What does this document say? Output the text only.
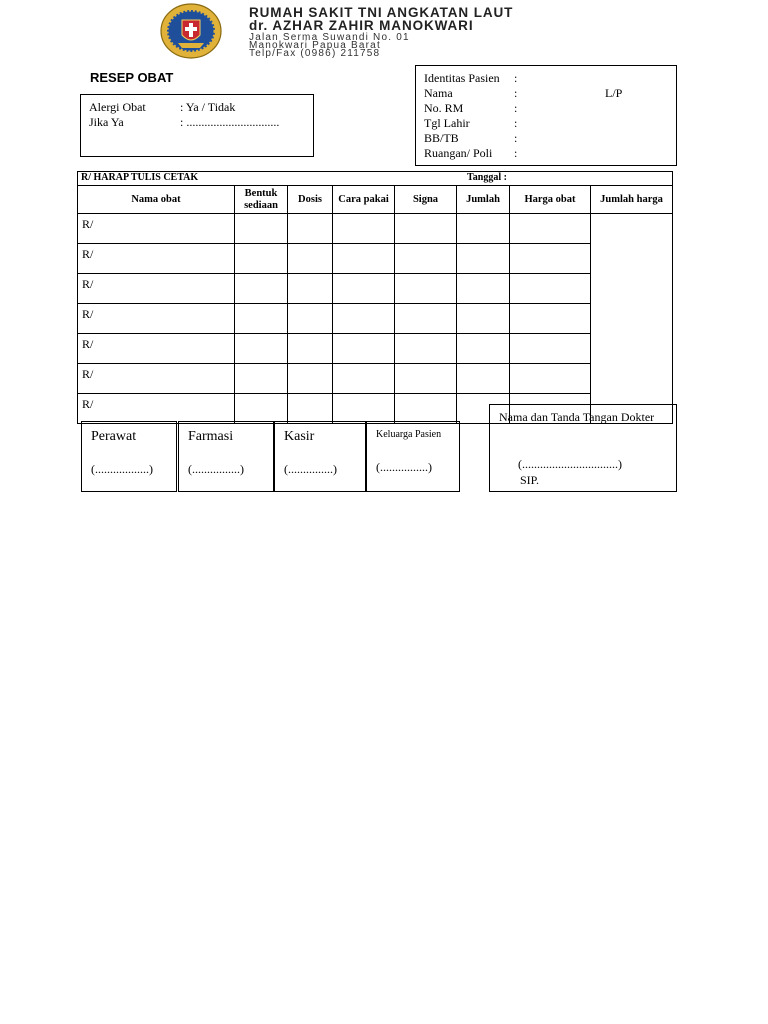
RUMAH SAKIT TNI ANGKATAN LAUT
dr. AZHAR ZAHIR MANOKWARI
Jalan Serma Suwandi No. 01
Manokwari Papua Barat
Telp/Fax (0986) 211758
RESEP OBAT
Alergi Obat	: Ya / Tidak
Jika Ya	: ...............................
Identitas Pasien :
Nama	:	L/P
No. RM	:
Tgl Lahir	:
BB/TB	:
Ruangan/ Poli :
R/ HARAP TULIS CETAK Tanggal :							

Nama obat	Bentuk sediaan	Dosis	Cara pakai	Signa	Jumlah	Harga obat	Jumlah harga
R/							
R/							
R/							
R/							
R/							
R/							
R/							
Perawat
(..................)
Farmasi
(................)
Kasir
(...............)
Keluarga Pasien
(................)
Nama dan Tanda Tangan Dokter
(................................)
SIP.
